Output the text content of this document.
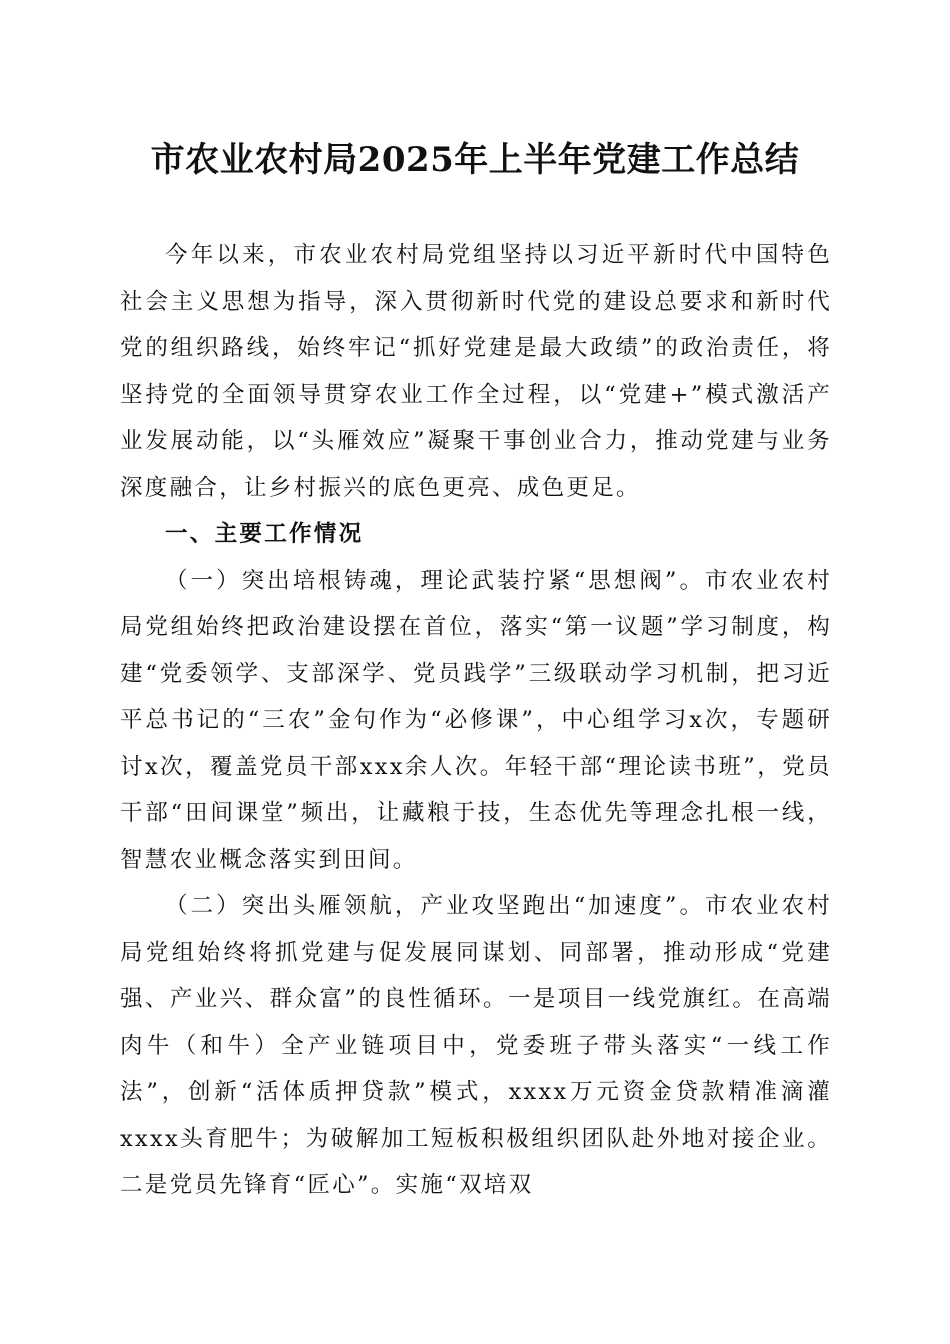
市农业农村局2025年上半年党建工作总结

今年以来，市农业农村局党组坚持以习近平新时代中国特色社会主义思想为指导，深入贯彻新时代党的建设总要求和新时代党的组织路线，始终牢记“抓好党建是最大政绩”的政治责任，将坚持党的全面领导贯穿农业工作全过程，以“党建+”模式激活产业发展动能，以“头雁效应”凝聚干事创业合力，推动党建与业务深度融合，让乡村振兴的底色更亮、成色更足。

一、主要工作情况

（一）突出培根铸魂，理论武装拧紧“思想阀”。市农业农村局党组始终把政治建设摆在首位，落实“第一议题”学习制度，构建“党委领学、支部深学、党员践学”三级联动学习机制，把习近平总书记的“三农”金句作为“必修课”，中心组学习x次，专题研讨x次，覆盖党员干部xxx余人次。年轻干部“理论读书班”，党员干部“田间课堂”频出，让藏粮于技，生态优先等理念扎根一线，智慧农业概念落实到田间。

（二）突出头雁领航，产业攻坚跑出“加速度”。市农业农村局党组始终将抓党建与促发展同谋划、同部署，推动形成“党建强、产业兴、群众富”的良性循环。一是项目一线党旗红。在高端肉牛（和牛）全产业链项目中，党委班子带头落实“一线工作法”，创新“活体质押贷款”模式，xxxx万元资金贷款精准滴灌xxxx头育肥牛；为破解加工短板积极组织团队赴外地对接企业。二是党员先锋育“匠心”。实施“双培双
